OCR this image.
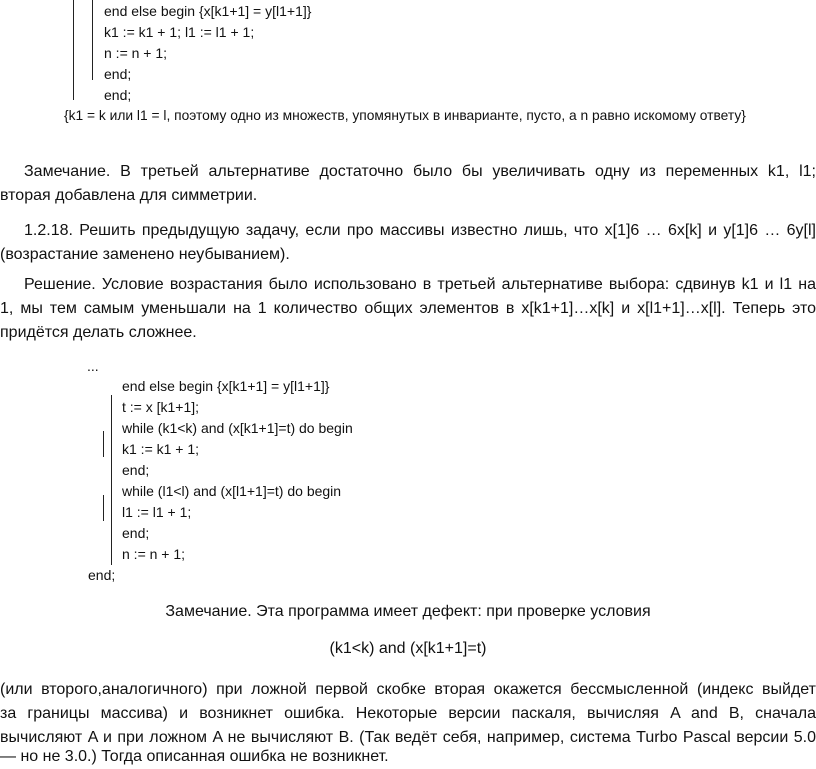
end else begin {x[k1+1] = y[l1+1]}
k1 := k1 + 1; l1 := l1 + 1;
n := n + 1;
end;
end;
{k1 = k или l1 = l, поэтому одно из множеств, упомянутых в инварианте, пусто, а n равно искомому ответу}
Замечание. В третьей альтернативе достаточно было бы увеличивать одну из переменных k1, l1;
вторая добавлена для симметрии.
1.2.18. Решить предыдущую задачу, если про массивы известно лишь, что x[1]6 … 6x[k] и y[1]6 … 6y[l]
(возрастание заменено неубыванием).
Решение. Условие возрастания было использовано в третьей альтернативе выбора: сдвинув k1 и l1 на
1, мы тем самым уменьшали на 1 количество общих элементов в x[k1+1]…x[k] и x[l1+1]…x[l]. Теперь это
придётся делать сложнее.
...
end else begin {x[k1+1] = y[l1+1]}
t := x [k1+1];
while (k1<k) and (x[k1+1]=t) do begin
k1 := k1 + 1;
end;
while (l1<l) and (x[l1+1]=t) do begin
l1 := l1 + 1;
end;
n := n + 1;
end;
Замечание. Эта программа имеет дефект: при проверке условия
(k1<k) and (x[k1+1]=t)
(или второго,аналогичного) при ложной первой скобке вторая окажется бессмысленной (индекс выйдет
за границы массива) и возникнет ошибка. Некоторые версии паскаля, вычисляя A and B, сначала
вычисляют A и при ложном A не вычисляют B. (Так ведёт себя, например, система Turbo Pascal версии 5.0
— но не 3.0.) Тогда описанная ошибка не возникнет.
